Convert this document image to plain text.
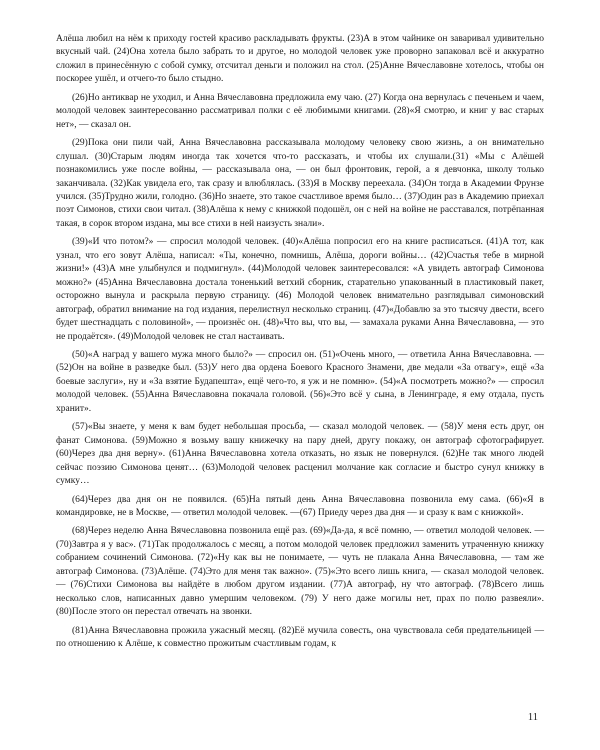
Алёша любил на нём к приходу гостей красиво раскладывать фрукты. (23)А в этом чайнике он заваривал удивительно вкусный чай. (24)Она хотела было забрать то и другое, но молодой человек уже проворно запаковал всё и аккуратно сложил в принесённую с собой сумку, отсчитал деньги и положил на стол. (25)Анне Вячеславовне хотелось, чтобы он поскорее ушёл, и отчего-то было стыдно.

(26)Но антиквар не уходил, и Анна Вячеславовна предложила ему чаю. (27) Когда она вернулась с печеньем и чаем, молодой человек заинтересованно рассматривал полки с её любимыми книгами. (28)«Я смотрю, и книг у вас старых нет», — сказал он.

(29)Пока они пили чай, Анна Вячеславовна рассказывала молодому человеку свою жизнь, а он внимательно слушал. (30)Старым людям иногда так хочется что-то рассказать, и чтобы их слушали.(31) «Мы с Алёшей познакомились уже после войны, — рассказывала она, — он был фронтовик, герой, а я девчонка, школу только заканчивала. (32)Как увидела его, так сразу и влюблялась. (33)Я в Москву переехала. (34)Он тогда в Академии Фрунзе учился. (35)Трудно жили, голодно. (36)Но знаете, это такое счастливое время было… (37)Один раз в Академию приехал поэт Симонов, стихи свои читал. (38)Алёша к нему с книжкой подошёл, он с ней на войне не расставался, потрёпанная такая, в сорок втором издана, мы все стихи в ней наизусть знали».

(39)«И что потом?» — спросил молодой человек. (40)«Алёша попросил его на книге расписаться. (41)А тот, как узнал, что его зовут Алёша, написал: «Ты, конечно, помнишь, Алёша, дороги войны… (42)Счастья тебе в мирной жизни!» (43)А мне улыбнулся и подмигнул». (44)Молодой человек заинтересовался: «А увидеть автограф Симонова можно?» (45)Анна Вячеславовна достала тоненький ветхий сборник, старательно упакованный в пластиковый пакет, осторожно вынула и раскрыла первую страницу. (46) Молодой человек внимательно разглядывал симоновский автограф, обратил внимание на год издания, перелистнул несколько страниц. (47)«Добавлю за это тысячу двести, всего будет шестнадцать с половиной», — произнёс он. (48)«Что вы, что вы, — замахала руками Анна Вячеславовна, — это не продаётся». (49)Молодой человек не стал настаивать.

(50)«А наград у вашего мужа много было?» — спросил он. (51)«Очень много, — ответила Анна Вячеславовна. — (52)Он на войне в разведке был. (53)У него два ордена Боевого Красного Знамени, две медали «За отвагу», ещё «За боевые заслуги», ну и «За взятие Будапешта», ещё чего-то, я уж и не помню». (54)«А посмотреть можно?» — спросил молодой человек. (55)Анна Вячеславовна покачала головой. (56)«Это всё у сына, в Ленинграде, я ему отдала, пусть хранит».

(57)«Вы знаете, у меня к вам будет небольшая просьба, — сказал молодой человек. — (58)У меня есть друг, он фанат Симонова. (59)Можно я возьму вашу книжечку на пару дней, другу покажу, он автограф сфотографирует. (60)Через два дня верну». (61)Анна Вячеславовна хотела отказать, но язык не повернулся. (62)Не так много людей сейчас поэзию Симонова ценят… (63)Молодой человек расценил молчание как согласие и быстро сунул книжку в сумку…

(64)Через два дня он не появился. (65)На пятый день Анна Вячеславовна позвонила ему сама. (66)«Я в командировке, не в Москве, — ответил молодой человек. —(67) Приеду через два дня — и сразу к вам с книжкой».

(68)Через неделю Анна Вячеславовна позвонила ещё раз. (69)«Да-да, я всё помню, — ответил молодой человек. —(70)Завтра я у вас». (71)Так продолжалось с месяц, а потом молодой человек предложил заменить утраченную книжку собранием сочинений Симонова. (72)«Ну как вы не понимаете, — чуть не плакала Анна Вячеславовна, — там же автограф Симонова. (73)Алёше. (74)Это для меня так важно». (75)«Это всего лишь книга, — сказал молодой человек. — (76)Стихи Симонова вы найдёте в любом другом издании. (77)А автограф, ну что автограф. (78)Всего лишь несколько слов, написанных давно умершим человеком. (79) У него даже могилы нет, прах по полю развеяли». (80)После этого он перестал отвечать на звонки.

(81)Анна Вячеславовна прожила ужасный месяц. (82)Её мучила совесть, она чувствовала себя предательницей — по отношению к Алёше, к совместно прожитым счастливым годам, к

11
